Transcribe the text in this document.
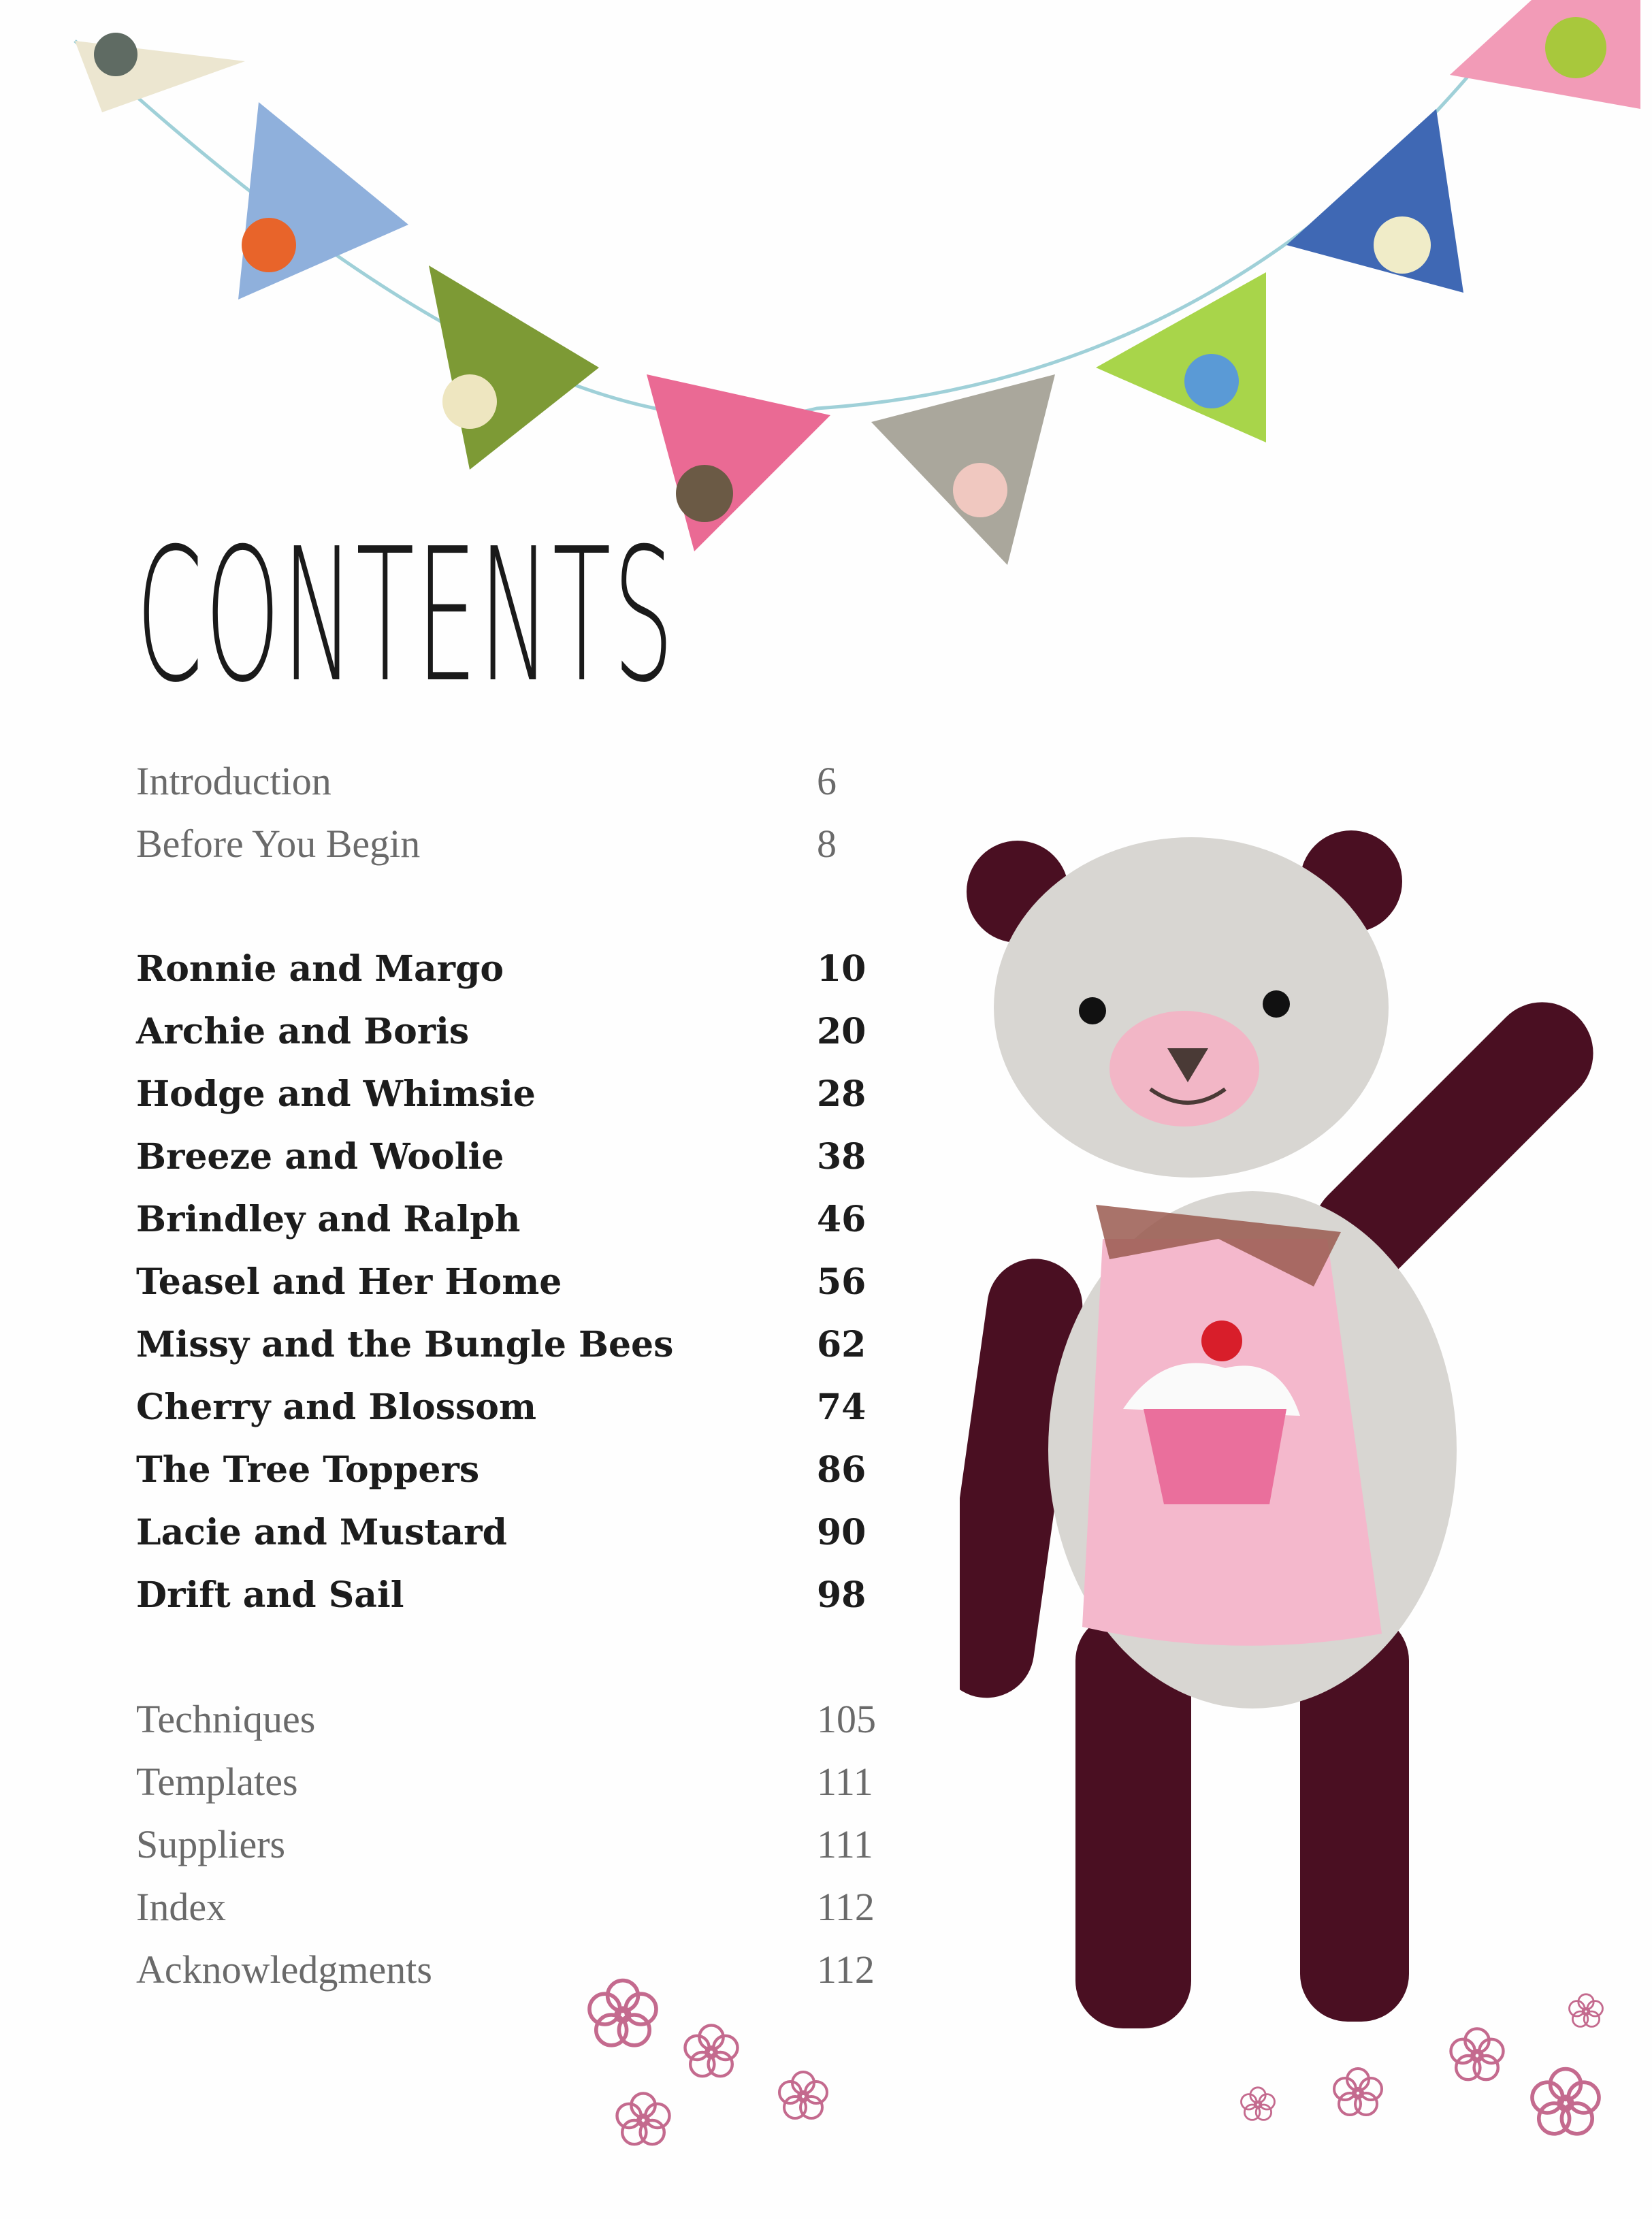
CONTENTS
Introduction	6
Before You Begin	8
Ronnie and Margo	10
Archie and Boris	20
Hodge and Whimsie	28
Breeze and Woolie	38
Brindley and Ralph	46
Teasel and Her Home	56
Missy and the Bungle Bees	62
Cherry and Blossom	74
The Tree Toppers	86
Lacie and Mustard	90
Drift and Sail	98
Techniques	105
Templates	111
Suppliers	111
Index	112
Acknowledgments	112
